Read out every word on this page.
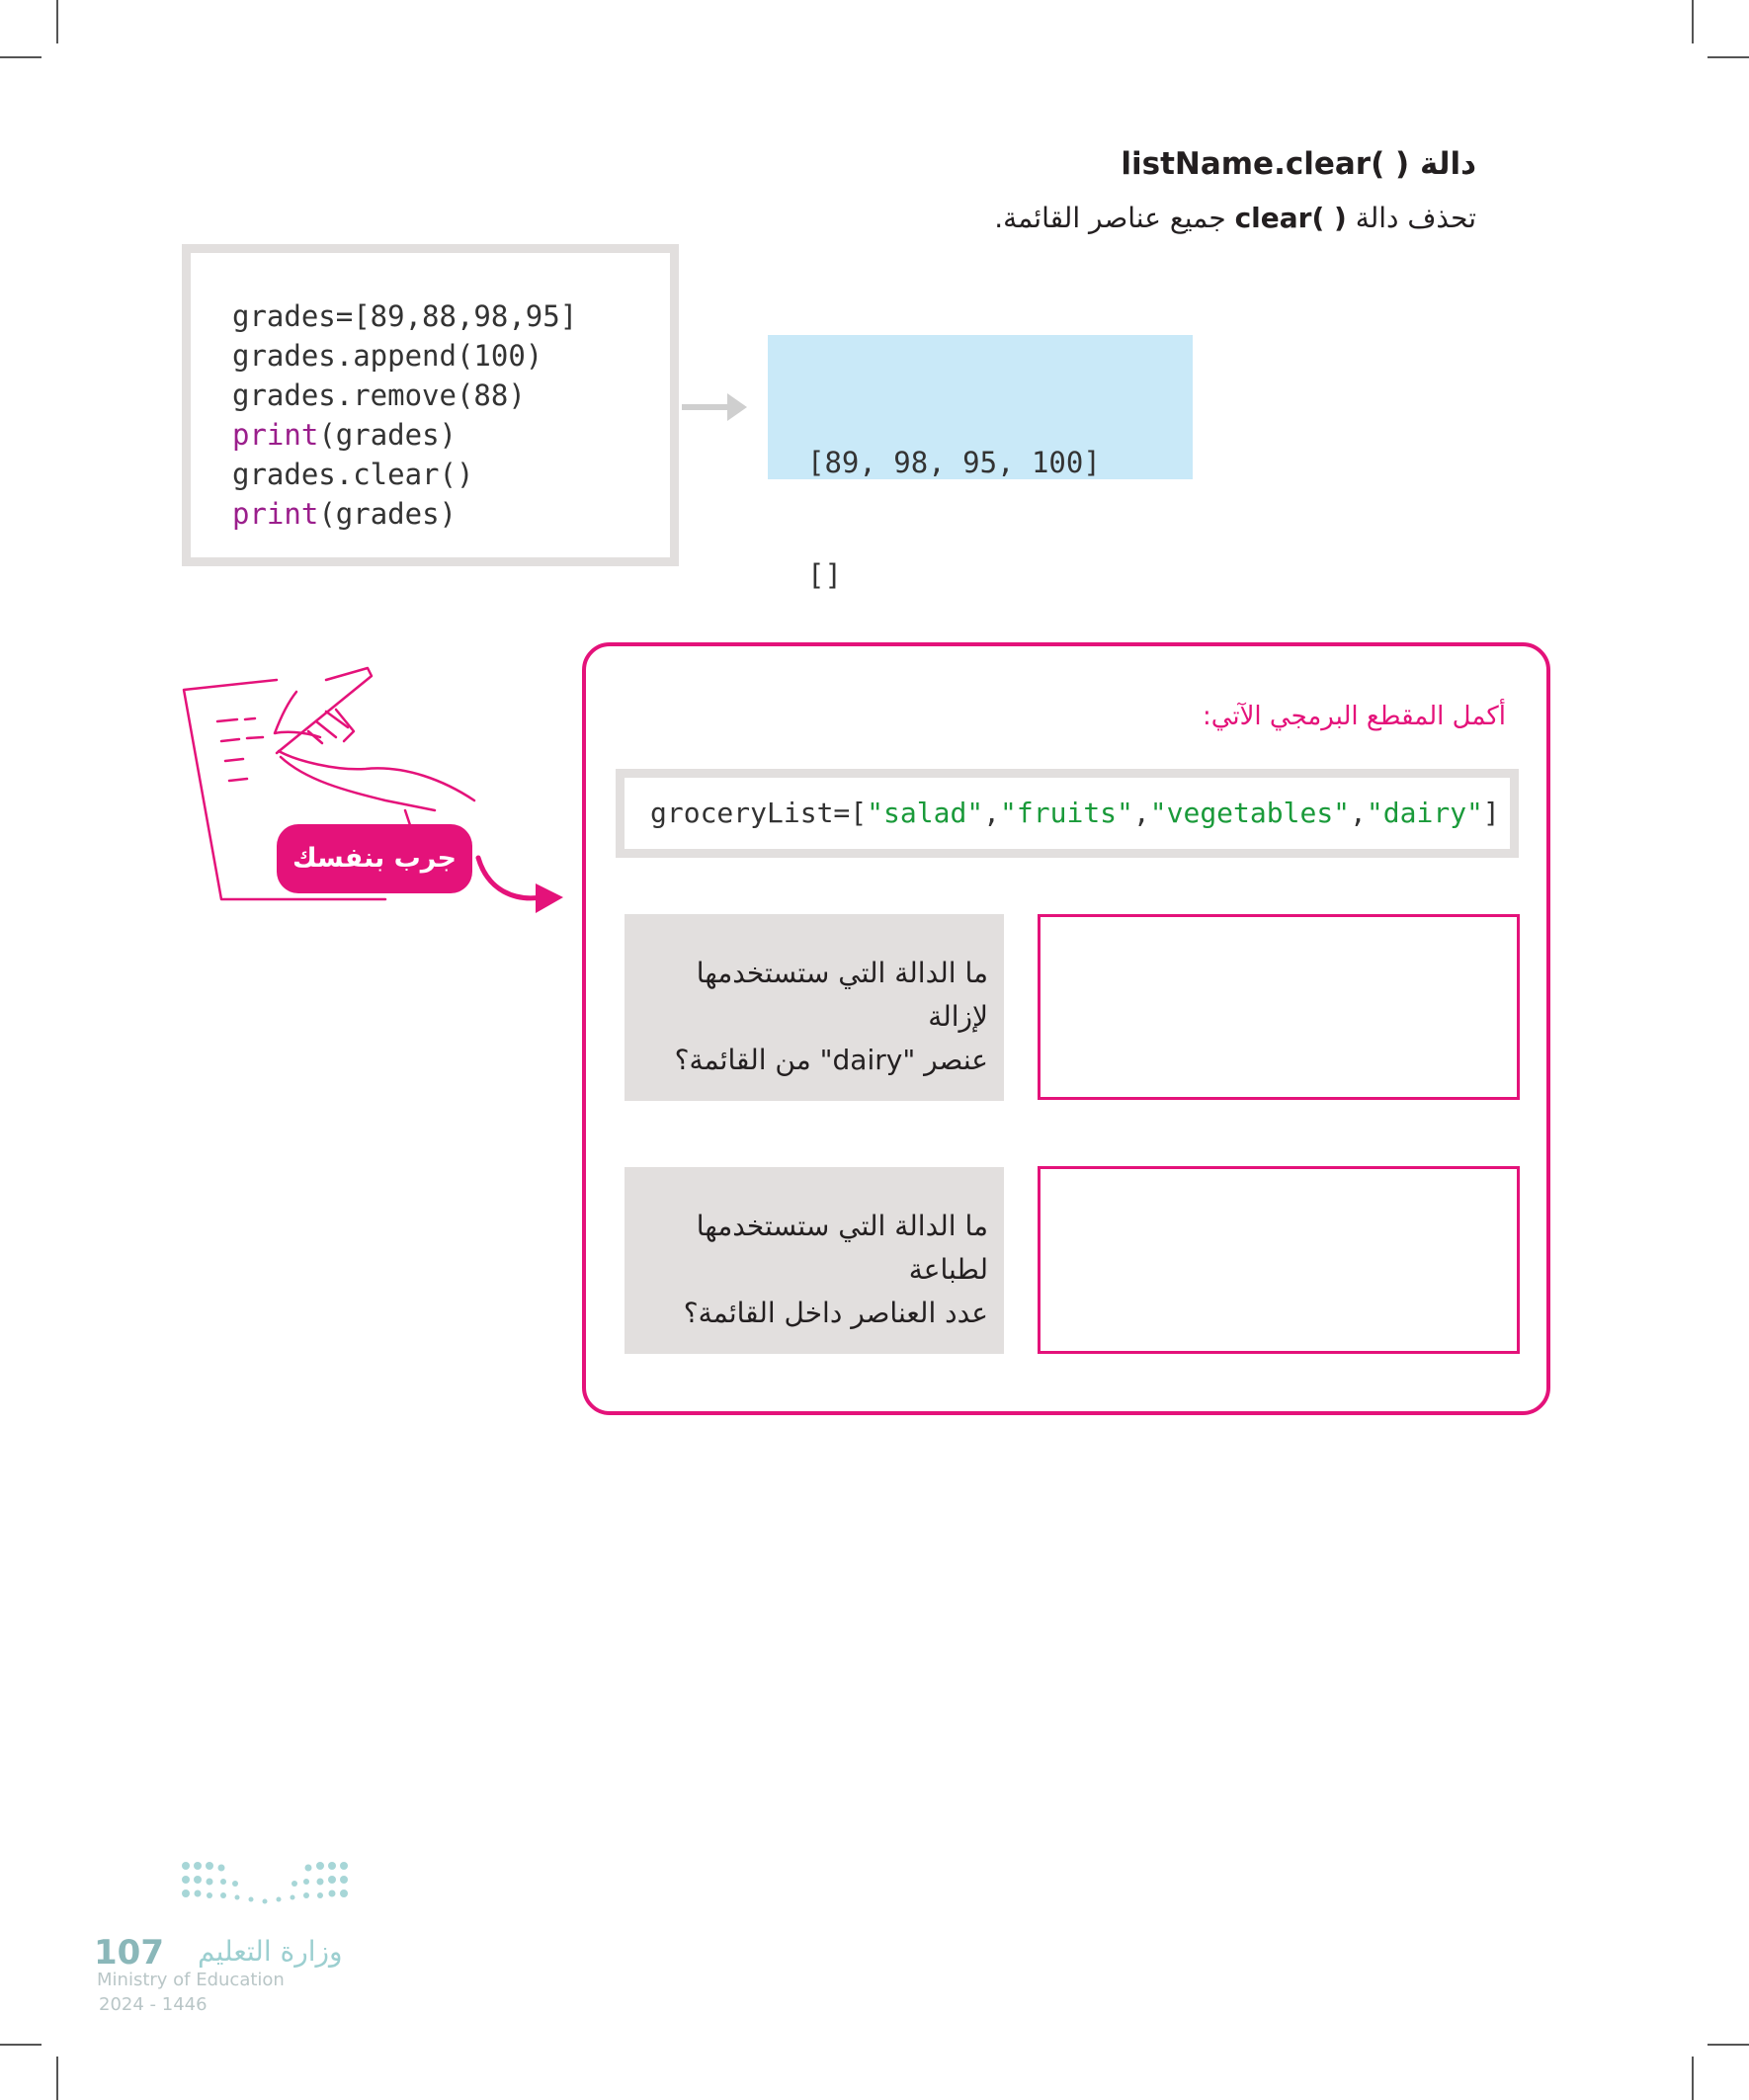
دالة listName.clear( )
تحذف دالة clear( ) جميع عناصر القائمة.
grades=[89,88,98,95]
grades.append(100)
grades.remove(88)
print(grades)
grades.clear()
print(grades)

[89, 98, 95, 100]

[]

جرب بنفسك
أكمل المقطع البرمجي الآتي:
groceryList=["salad","fruits","vegetables","dairy"]
ما الدالة التي ستستخدمها لإزالة
عنصر "dairy" من القائمة؟
ما الدالة التي ستستخدمها لطباعة
عدد العناصر داخل القائمة؟
وزارة التعليم
107
Ministry of Education
2024 - 1446
